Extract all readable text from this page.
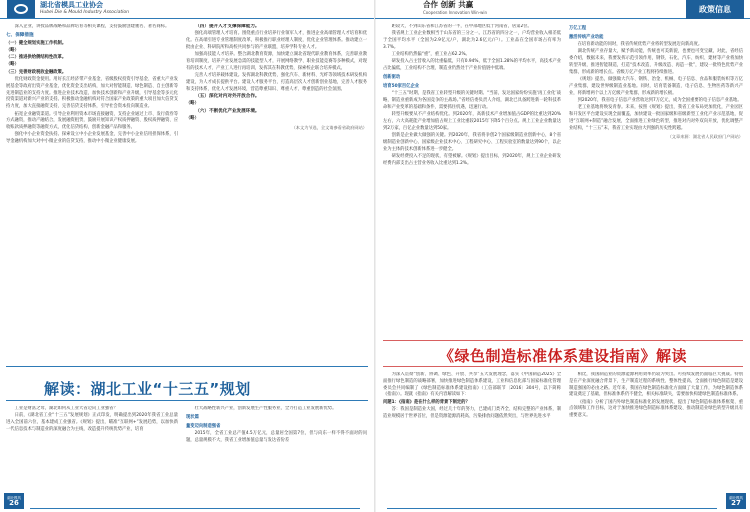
湖北省模具工业协会
Hubei Die & Mould Industry Association

深入企业，讲授品牌战略和品牌培育等相关课程，支持鼓励创建驰名、著名商标。

七、保障措施

（一）健全规划实施工作机制。

（略）

（二）推进供给侧结构性改革。

（略）

（三）完善财政税收金融政策。

优化财政资金使用。用好长江经济带产业基金、省级股权投资引导基金、省重大产业发展基金等政府出资产业基金，优化资金支出结构，加大对智能制造、绿色制造、自主创新等先进制造业的支持力度。推进企业技术改造，加快技术创新和产业升级，引导基金等多元化投资渠道对新兴产业的支持。积极推动金融机构对符合国家产业政策的重大项目加大信贷支持力度，加大直接融资支持，完善信贷支持体系，引导社会资本投向制造业。

拓宽企业融资渠道。引导企业利用资本市场直接融资，支持企业通过上市、发行债券等方式融资，推动产融结合，发展融资租赁，鼓励开展知识产权质押融资、股权质押融资、应收账款质押融资等融资方式，优化信贷结构，创新金融产品和服务。

强化中小企业资金扶持。探索设立中小企业发展基金，完善中小企业信用担保体系，引导金融机构加大对中小微企业的信贷支持，推动中小微企业健康发展。

（四）提升人才支撑保障能力。

强化高端管理人才培育。围绕重点行业培养行业领军人才，推进企业高端管理人才培育和优化。在高端引进专业管理制度改革，积极推行职业经理人制度，优化企业管理体系。推动建立一批由企业、科研院所和高校共同参与的产业联盟，培养学科专业人才。

加强高技能人才培养。整合湖北教育资源，加快建立湖北省现代职业教育体系，完善职业教育培训制度，培养产业发展急需的技能型人才，开展网络教学、职业技能竞赛等多种模式，对现有的技术人才、产业工人进行再培训，发挥其在科教优势，探索校企联合培养模式。

完善人才培养载体建设。发挥湖北科教优势，强化汽车、新材料、光纤等领域技术研发机构建设，为人才成长提供平台。建设人才服务平台，打造高层次人才创新创业基地，完善人才服务和支持体系，优化人才发展环境，营造尊重知识、尊重人才、尊重创造的社会氛围。

（五）深化对内对外开放合作。

（略）

（六）不断优化产业发展环境。

（略）

（本文为节选，全文请参看省政府网站）

解读：湖北工业“十三五”规划

工业是财富之母，湖北如何从工业大省迈向工业强省？

日前，《湖北省工业“十三五”发展规划》正式印发，明确提出到2020年我省工业总量进入全国前六位，基本建成工业强省。《规划》提出，瞄准“互联网+”发展趋势，以加快新一代信息技术与制造业的深度融合为主线，改造提升传统优势产业，培育

壮大战略性新兴产业，创新发展生产性服务业，全力打造工业发展新优势。

现状篇

量变迈向制造强省

2015年，全省工业总产值4.5万亿元，总量居全国第7位，但与向东一样不得不面对的问题，总量规模不大，我省工业增加值总量与发达省份差

湖北模具
26
合作 创新 共赢
Cooperation Innovation Win-win	政策信息

距较大，不到山东省和江苏省的一半，在中部地区低于河南省，居第2位。

我省规上工业企业数相当于山东省的三分之一。江苏省的四分之一，户均营业收入相差低于全国平均水平（全国为2.9亿元/户，湖北为2.6亿元/户）。工业品在全国市场占有率为3.7%。

工业结构仍然偏“重”，重工业占62.2%。

研发投入占主营收入的比重偏低，只有0.94%，低于全国1.28%的平均水平，高技术产业占比偏低，工业结构不合理，制造业仍然处于产业价值链中低端。

创新驱动

培育50家百亿企业

“十三五”时期，是我省工业转型升级的关键时期。“当前，发达国家纷纷实施‘再工业化’战略，制造业重新成为各国竞争的主战场。”省经信委负责人介绍，湖北已具备跨进新一轮科技革命和产业变革的基础和条件，需要抓住机遇，迅速行动。

转型升级要从不产业结构优化。到2020年，高新技术产业增加值占GDP的比重达到20%左右，六大高耗能产业增加值占规上工业比重较2015年下降5个百分点。规上工业企业数量达到2万家，百亿企业数量达到50家。

创新是企业做大做强的关键。到2020年，我省将争创2个国家级制造业创新中心，8个省级制造业创新中心，国家级企业技术中心、工程研究中心、工程实验室的数量达到90个，以企业为主体的技术创新体系进一步健全。

研发经费投入不足的现状，有望被解。《规划》提出目标，到2020年，规上工业企业研发经费内部支出占主营业务收入比重达到1.2%。

万亿工程

激活传统产业动能

在培育新动能的同时，我省传统优势产业将转型发展迈向新高度。

湖北传统产业存量大，赋予新动能，传统也可美新貌，也要也可变宝藏，对此，省经信委介绍，数据未来，我要发挥示范引领作用，钢铁、石化、汽车、纺织、建材等产业将加快转型升级，推进智能制造，打造“技术改造、升级改造、再造一批”，建设一批特色优势产业集群，形成新的增长点。省级万亿产业工程将持续推进。

《规划》提出，做强做大汽车、钢铁、冶金、机械、电子信息、食品和服装纺织等万亿产业集群，建设世界级制造业基地。同时，培育装备制造、电子信息、生物医药等新兴产业，将新增两个以上万亿级产业集群，形成新的增长极。

到2020年，我省电子信息产业营收达到7万亿元，成为全国重要的电子信息产业基地。

老工业基地将焕发青春。未来，按照《规划》提出，我省工业布局更加优化，产业园区和开发区平台建设实现全面覆盖，加快建设一批国家级和省级新型工业化产业示范基地，促进“互联网+制造”融合发展，全面推进工业绿色转型，推进对内对外双向开放，优化调整产业结构，“十三五”末，我省工业实现由大到强的历史性跨越。

（文章来源：湖北省人民政府门户网站）

《绿色制造标准体系建设指南》解读

为深入贯彻“创新、协调、绿色、开放、共享”五大发展理念，落实《中国制造2025》全面推行绿色制造的战略部署，加快推进绿色制造体系建设，工业和信息化部与国家标准化管理委员会共同编制了《绿色制造标准体系建设指南》（工信部联节〔2016〕304号，以下简称《指南》）。现就《指南》有关内容解读如下：

问题1：《指南》是在什么样的背景下制定的？

答：我国是制造业大国，经过几十年的努力，已建成门类齐全、结构完整的产业体系，制造业规模居于世界首位，但是资源能源消耗高、污染排放问题依然突出，与世界先进水平

相比，我国制造业的资源能源利用效率仍较为突出。可持续发展仍面临巨大挑战。特别是在产业深度融合背景下，生产制造过程的系统性、整体性提高，全面推行绿色制造是建设制造强国的必由之路。近年来，我国在绿色制造标准化方面做了大量工作，为绿色制造体系建设奠定了基础，但标准体系仍不健全，相关标准缺失，需要加快构建绿色制造标准体系。

《指南》分析了国内外绿色制造标准化的发展现状，提出了绿色制造标准体系框架、重点领域和工作目标，这对于加快推进绿色制造标准体系建设、推动制造业绿色转型升级具有重要意义。

湖北模具
27
